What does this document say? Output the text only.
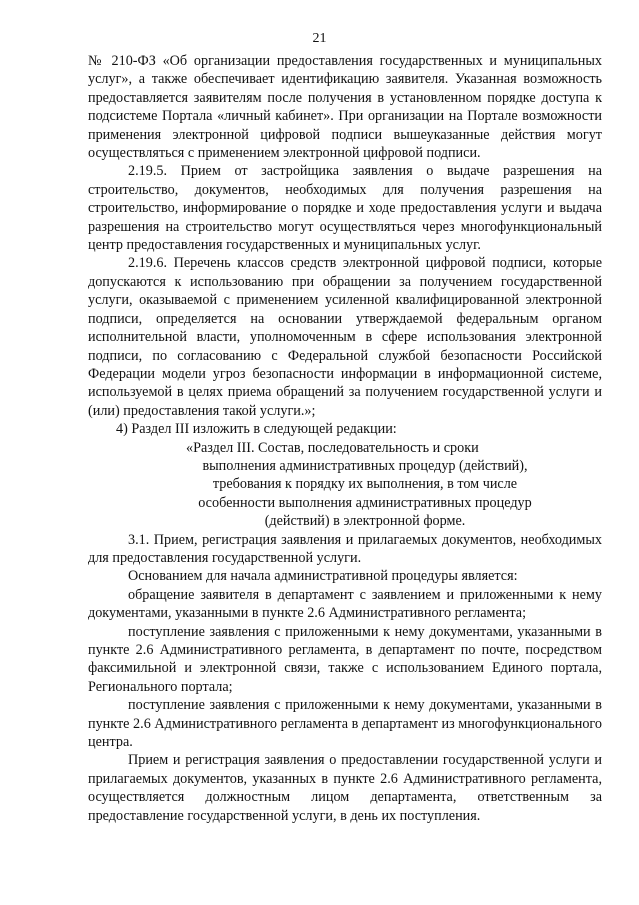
21

№ 210-ФЗ «Об организации предоставления государственных и муниципальных услуг», а также обеспечивает идентификацию заявителя. Указанная возможность предоставляется заявителям после получения в установленном порядке доступа к подсистеме Портала «личный кабинет». При организации на Портале возможности применения электронной цифровой подписи вышеуказанные действия могут осуществляться с применением электронной цифровой подписи.

2.19.5. Прием от застройщика заявления о выдаче разрешения на строительство, документов, необходимых для получения разрешения на строительство, информирование о порядке и ходе предоставления услуги и выдача разрешения на строительство могут осуществляться через многофункциональный центр предоставления государственных и муниципальных услуг.

2.19.6. Перечень классов средств электронной цифровой подписи, которые допускаются к использованию при обращении за получением государственной услуги, оказываемой с применением усиленной квалифицированной электронной подписи, определяется на основании утверждаемой федеральным органом исполнительной власти, уполномоченным в сфере использования электронной подписи, по согласованию с Федеральной службой безопасности Российской Федерации модели угроз безопасности информации в информационной системе, используемой в целях приема обращений за получением государственной услуги и (или) предоставления такой услуги.»;

4) Раздел III изложить в следующей редакции:

«Раздел III. Состав, последовательность и сроки
выполнения административных процедур (действий),
требования к порядку их выполнения, в том числе
особенности выполнения административных процедур
(действий) в электронной форме.

3.1. Прием, регистрация заявления и прилагаемых документов, необходимых для предоставления государственной услуги.

Основанием для начала административной процедуры является:

обращение заявителя в департамент с заявлением и приложенными к нему документами, указанными в пункте 2.6 Административного регламента;

поступление заявления с приложенными к нему документами, указанными в пункте 2.6 Административного регламента, в департамент по почте, посредством факсимильной и электронной связи, также с использованием Единого портала, Регионального портала;

поступление заявления с приложенными к нему документами, указанными в пункте 2.6 Административного регламента в департамент из многофункционального центра.

Прием и регистрация заявления о предоставлении государственной услуги и прилагаемых документов, указанных в пункте 2.6 Административного регламента, осуществляется должностным лицом департамента, ответственным за предоставление государственной услуги, в день их поступления.
